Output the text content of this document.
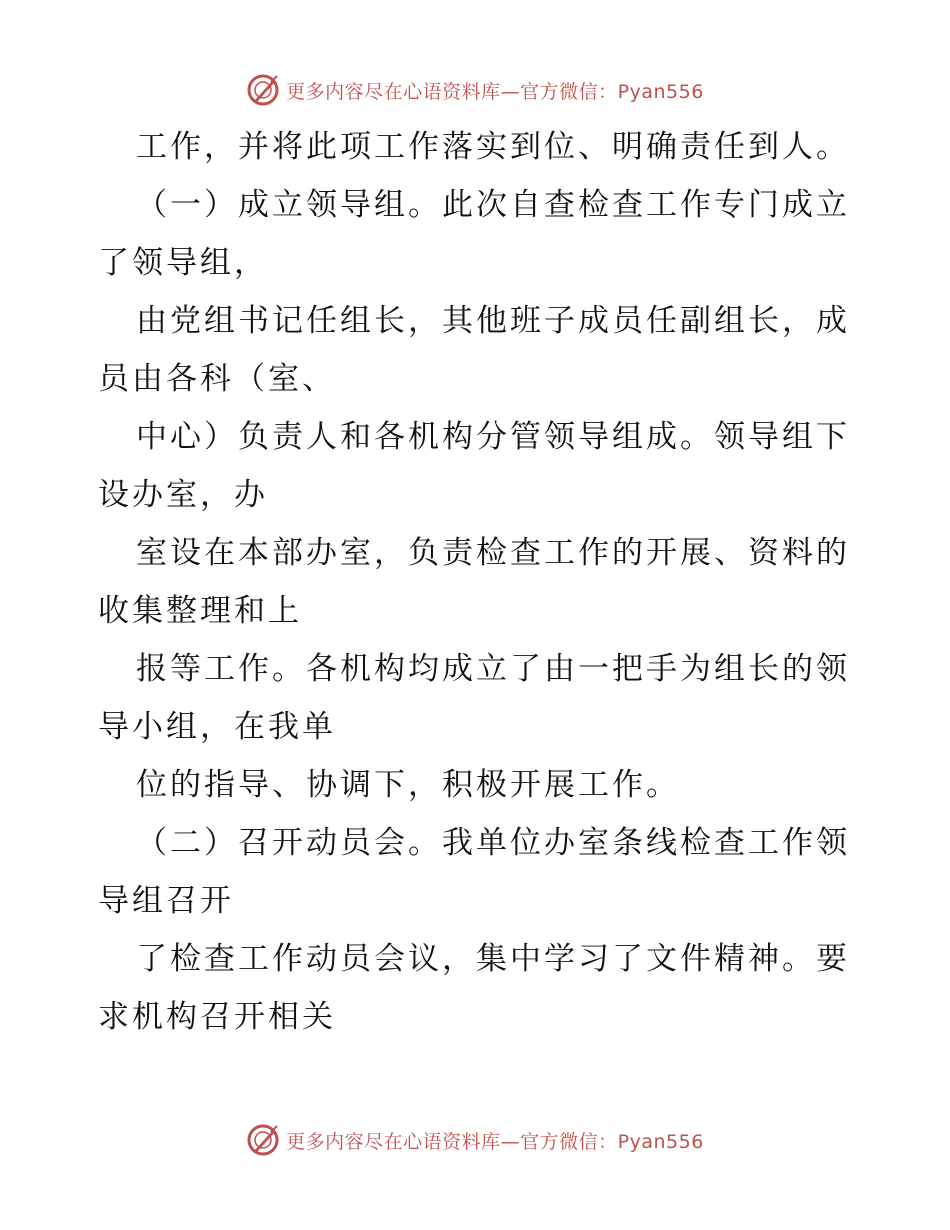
更多内容尽在心语资料库—官方微信：Pyan556

工作，并将此项工作落实到位、明确责任到人。

（一）成立领导组。此次自查检查工作专门成立
了领导组，

由党组书记任组长，其他班子成员任副组长，成
员由各科（室、

中心）负责人和各机构分管领导组成。领导组下
设办室，办

室设在本部办室，负责检查工作的开展、资料的
收集整理和上

报等工作。各机构均成立了由一把手为组长的领
导小组，在我单

位的指导、协调下，积极开展工作。

（二）召开动员会。我单位办室条线检查工作领
导组召开

了检查工作动员会议，集中学习了文件精神。要
求机构召开相关

更多内容尽在心语资料库—官方微信：Pyan556
